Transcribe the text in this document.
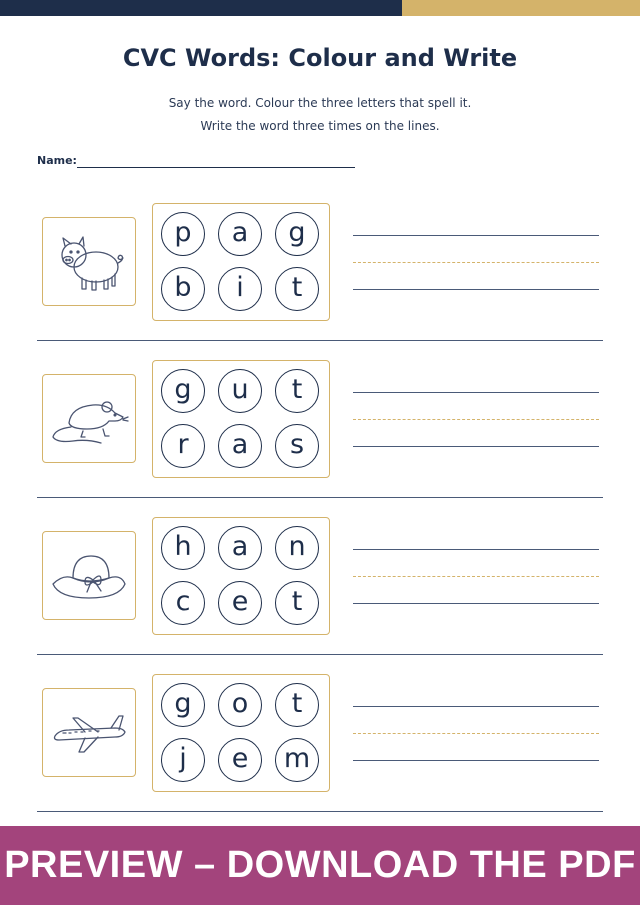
CVC Words: Colour and Write
Say the word. Colour the three letters that spell it.
Write the word three times on the lines.
Name:
p	a	g
b	i	t
g	u	t
r	a	s
h	a	n
c	e	t
g	o	t
j	e	m
PREVIEW – DOWNLOAD THE PDF
